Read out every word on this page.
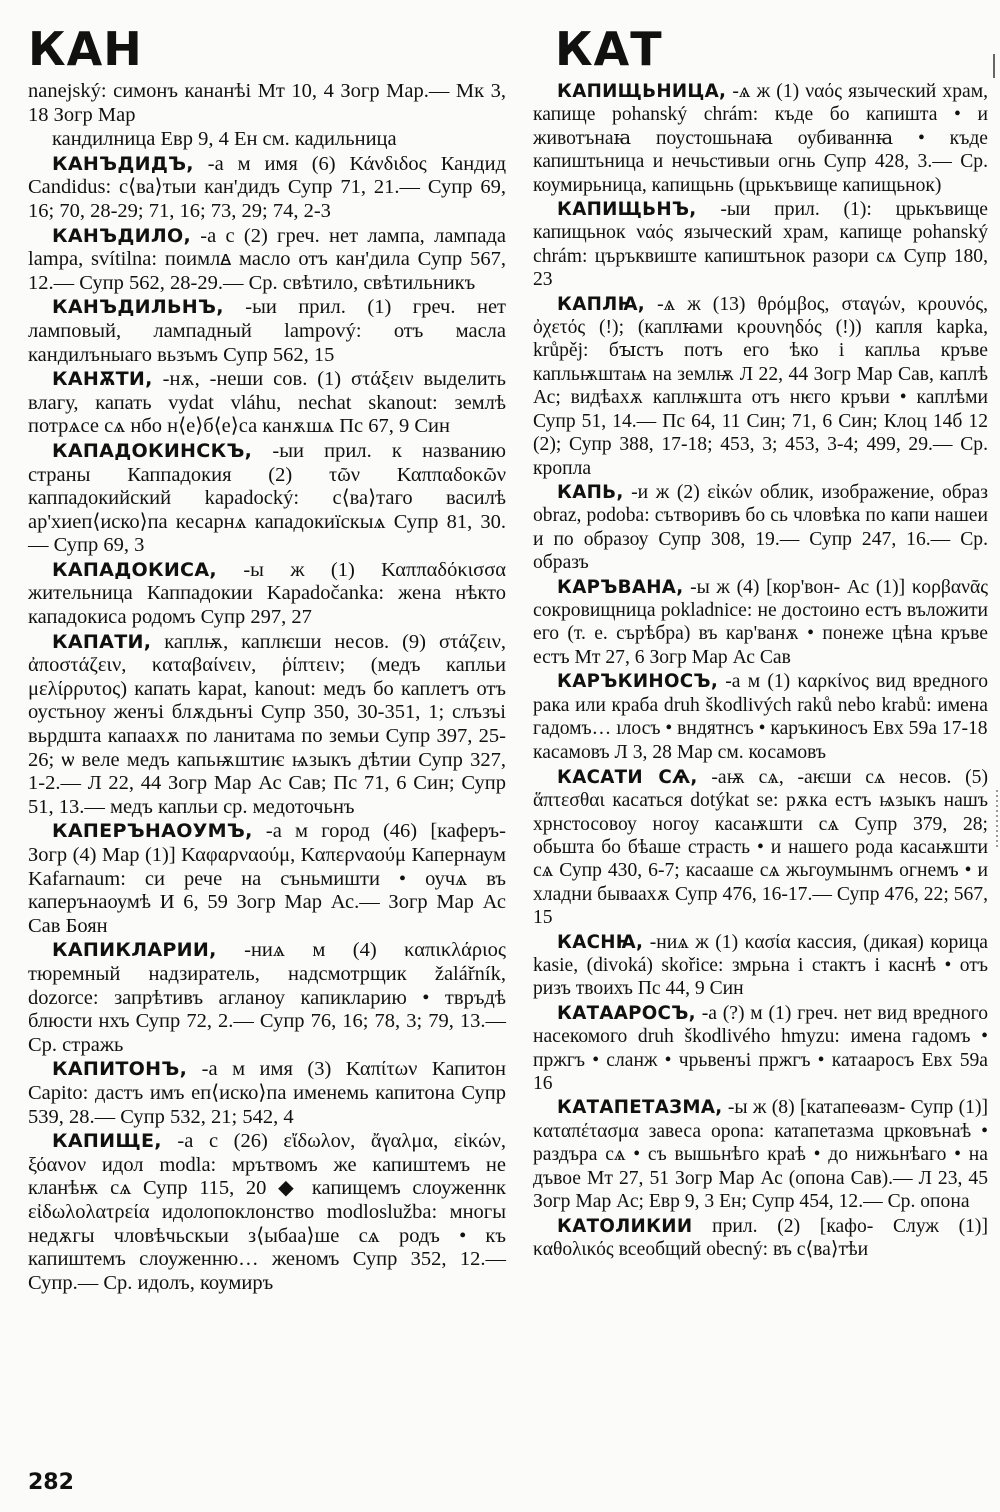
КАН	КАТ

nanejský: симонъ кананѣі Мт 10, 4 Зогр Мар.— Мк 3, 18 Зогр Мар

кандилница Евр 9, 4 Ен см. кадильница

КАНЪДИДЪ, -а м имя (6) Κάνδιδος Кандид Candidus: с⟨ва⟩тыи кан'дидъ Супр 71, 21.— Супр 69, 16; 70, 28-29; 71, 16; 73, 29; 74, 2-3

КАНЪДИЛО, -а с (2) греч. нет лампа, лампада lampa, svítilna: поимлꙙ масло отъ кан'дила Супр 567, 12.— Супр 562, 28-29.— Ср. свѣтило, свѣтильникъ

КАНЪДИЛЬНЪ, -ыи прил. (1) греч. нет ламповый, лампадный lampový: отъ масла кандилъныаго вьзъмъ Супр 562, 15

КАНѪТИ, -нѫ, -неши сов. (1) στάξειν выделить влагу, капать vydat vláhu, nechat skanout: землѣ потрѧсе сѧ нбо н⟨е⟩б⟨е⟩са канѫшѧ Пс 67, 9 Син

КАПАДОКИНСКЪ, -ыи прил. к названию страны Каппадокия (2) τῶν Καππαδοκῶν каппадокийский kapadocký: с⟨ва⟩таго василѣ ар'хиеп⟨иско⟩па кесарнѧ кападокиїскыѧ Супр 81, 30.— Супр 69, 3

КАПАДОКИСА, -ы ж (1) Καππαδόκισσα жительница Каппадокии Kapadočanka: жена нѣкто кападокиса родомъ Супр 297, 27

КАПАТИ, каплѭ, каплѥши несов. (9) στάζειν, ἀποστάζειν, καταβαίνειν, ῥίπτειν; (медъ капльи μελίρρυτος) капать kapat, kanout: медъ бо каплетъ отъ оустьноу женъі блѫдьнъі Супр 350, 30-351, 1; слъзъі вьрдшта капаахѫ по ланитама по земьи Супр 397, 25-26; ѡ веле медъ капьѭштиѥ ѩзыкъ дѣтии Супр 327, 1-2.— Л 22, 44 Зогр Мар Ас Сав; Пс 71, 6 Син; Супр 51, 13.— медъ капльи ср. медоточьнъ

КАПЕРЪНАОУМЪ, -а м город (46) [каферъ- Зогр (4) Мар (1)] Καφαρναούμ, Καπερναούμ Капернаум Kafarnaum: си рече на съньмишти • оучѧ въ каперънаоумѣ И 6, 59 Зогр Мар Ас.— Зогр Мар Ас Сав Боян

КАПИКЛАРИИ, -ниѧ м (4) καπικλάριος тюремный надзиратель, надсмотрщик žalářník, dozorce: запрѣтивъ агланоу капикларию • твръдѣ блюсти нхъ Супр 72, 2.— Супр 76, 16; 78, 3; 79, 13.— Ср. стражь

КАПИТОНЪ, -а м имя (3) Καπίτων Капитон Capito: дастъ имъ еп⟨иско⟩па именемь капитона Супр 539, 28.— Супр 532, 21; 542, 4

КАПИЩЕ, -а с (26) εἴδωλον, ἄγαλμα, εἰκών, ξόανον идол modla: мрътвомъ же капиштемъ не кланѣѭ сѧ Супр 115, 20 ◆ капищемъ слоуженнк εἰδωλολατρεία идолопоклонство modloslužba: многы недѫгы чловѣчьскыи з⟨ыбаа⟩ше сѧ родъ • къ капиштемъ слоуженню… женомъ Супр 352, 12.— Супр.— Ср. идолъ, коумиръ

КАПИЩЬНИЦА, -ѧ ж (1) ναός языческий храм, капище pohanský chrám: къде бо капишта • и животънаꙗ поустошьнаꙗ оубиваннꙗ • къде капиштьница и нечьстивыи огнь Супр 428, 3.— Ср. коумирьница, капищьнь (црькъвище капищьнок)

КАПИЩЬНЪ, -ыи прил. (1): црькъвище капищьнок ναός языческий храм, капище pohanský chrám: църъквиште капиштьнок разори сѧ Супр 180, 23

КАПЛꙖ, -ѧ ж (13) θρόμβος, σταγών, κρουνός, ὀχετός (!); (каплꙗми κρουνηδός (!)) капля kapka, krůpěj: бꙑстъ потъ его ѣко і капльа кръве капльѭштаѩ на землѭ Л 22, 44 Зогр Мар Сав, каплѣ Ас; видѣахѫ каплѭшта отъ нѥго кръви • каплѣми Супр 51, 14.— Пс 64, 11 Син; 71, 6 Син; Клоц 14б 12 (2); Супр 388, 17-18; 453, 3; 453, 3-4; 499, 29.— Ср. кропла

КАПЬ, -и ж (2) εἰκών облик, изображение, образ obraz, podoba: сътворивъ бо сь чловѣка по капи нашеи и по образоу Супр 308, 19.— Супр 247, 16.— Ср. образъ

КАРЪВАНА, -ы ж (4) [кор'вон- Ас (1)] κορβανᾶς сокровищница pokladnice: не достоино естъ въложити его (т. е. сърѣбра) въ кар'ванѫ • понеже цѣна кръве естъ Мт 27, 6 Зогр Мар Ас Сав

КАРЪКИНОСЪ, -а м (1) καρκίνος вид вредного рака или краба druh škodlivých raků nebo krabů: имена гадомъ… ıлосъ • вндятнсъ • каръкиносъ Евх 59а 17-18

касамовъ Л 3, 28 Мар см. косамовъ

КАСАТИ СѦ, -аѭ сѧ, -аѥши сѧ несов. (5) ἅπτεσθαι касаться dotýkat se: рѫка естъ ѩзыкъ нашъ хрнстосовоу ногоу касаѭшти сѧ Супр 379, 28; обьшта бо бѣаше страсть • и нашего рода касаѭшти сѧ Супр 430, 6-7; касааше сѧ жьгоумынмъ огнемъ • и хладни бываахѫ Супр 476, 16-17.— Супр 476, 22; 567, 15

КАСНꙖ, -ниѧ ж (1) κασία кассия, (дикая) корица kasie, (divoká) skořice: змрьна і стактъ і каснѣ • отъ ризъ твоихъ Пс 44, 9 Син

КАТААРОСЪ, -а (?) м (1) греч. нет вид вредного насекомого druh škodlivého hmyzu: имена гадомъ • пржгъ • сланж • чрьвенъі пржгъ • катааросъ Евх 59а 16

КАТАПЕТАЗМА, -ы ж (8) [катапеѳазм- Супр (1)] καταπέτασμα завеса opona: катапетазма црковънаѣ • раздъра сѧ • съ вышьнѣго краѣ • до нижьнѣаго • на дъвое Мт 27, 51 Зогр Мар Ас (опона Сав).— Л 23, 45 Зогр Мар Ас; Евр 9, 3 Ен; Супр 454, 12.— Ср. опона

КАТОЛИКИИ прил. (2) [кафо- Служ (1)] καθολικός всеобщий obecný: въ с⟨ва⟩тѣи

282
